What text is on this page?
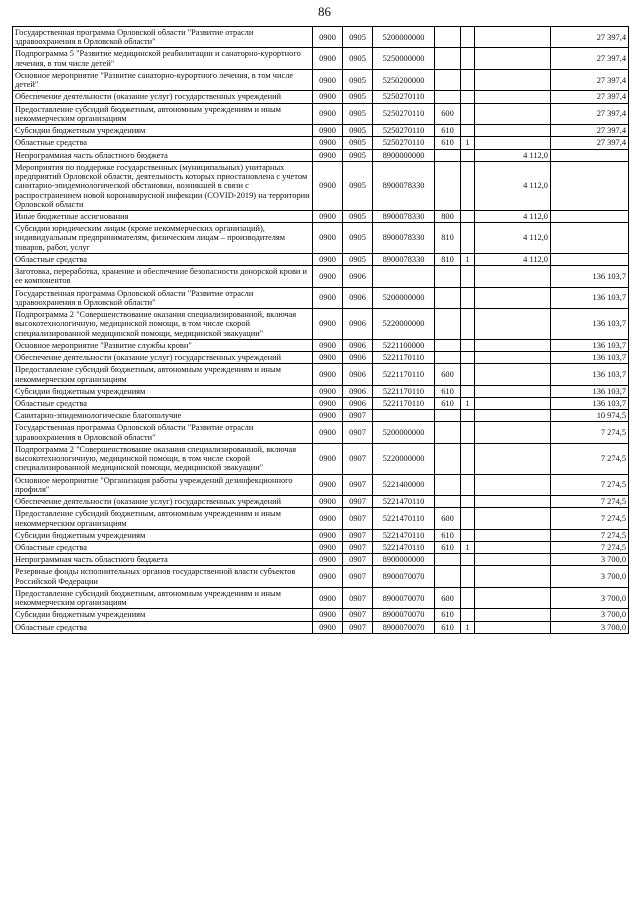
86
Государственная программа Орловской области "Развитие отрасли здравоохранения в Орловской области"	0900	0905	5200000000				27 397,4
Подпрограмма 5 "Развитие медицинской реабилитации и санаторно-курортного лечения, в том числе детей"	0900	0905	5250000000				27 397,4
Основное мероприятие "Развитие санаторно-курортного лечения, в том числе детей"	0900	0905	5250200000				27 397,4
Обеспечение деятельности (оказание услуг) государственных учреждений	0900	0905	5250270110				27 397,4
Предоставление субсидий бюджетным, автономным учреждениям и иным некоммерческим организациям	0900	0905	5250270110	600			27 397,4
Субсидии бюджетным учреждениям	0900	0905	5250270110	610			27 397,4
Областные средства	0900	0905	5250270110	610	1		27 397,4
Непрограммная часть областного бюджета	0900	0905	8900000000			4 112,0	
Мероприятия по поддержке государственных (муниципальных) унитарных предприятий Орловской области, деятельность которых приостановлена с учетом санитарно-эпидемиологической обстановки, возникшей в связи с распространением новой коронавирусной инфекции (COVID-2019) на территории Орловской области	0900	0905	8900078330			4 112,0	
Иные бюджетные ассигнования	0900	0905	8900078330	800		4 112,0	
Субсидии юридическим лицам (кроме некоммерческих организаций), индивидуальным предпринимателям, физическим лицам – производителям товаров, работ, услуг	0900	0905	8900078330	810		4 112,0	
Областные средства	0900	0905	8900078330	810	1	4 112,0	
Заготовка, переработка, хранение и обеспечение безопасности донорской крови и ее компонентов	0900	0906					136 103,7
Государственная программа Орловской области "Развитие отрасли здравоохранения в Орловской области"	0900	0906	5200000000				136 103,7
Подпрограмма 2 "Совершенствование оказания специализированной, включая высокотехнологичную, медицинской помощи, в том числе скорой специализированной медицинской помощи, медицинской эвакуации"	0900	0906	5220000000				136 103,7
Основное мероприятие "Развитие службы крови"	0900	0906	5221100000				136 103,7
Обеспечение деятельности (оказание услуг) государственных учреждений	0900	0906	5221170110				136 103,7
Предоставление субсидий бюджетным, автономным учреждениям и иным некоммерческим организациям	0900	0906	5221170110	600			136 103,7
Субсидии бюджетным учреждениям	0900	0906	5221170110	610			136 103,7
Областные средства	0900	0906	5221170110	610	1		136 103,7
Санитарно-эпидемиологическое благополучие	0900	0907					10 974,5
Государственная программа Орловской области "Развитие отрасли здравоохранения в Орловской области"	0900	0907	5200000000				7 274,5
Подпрограмма 2 "Совершенствование оказания специализированной, включая высокотехнологичную, медицинской помощи, в том числе скорой специализированной медицинской помощи, медицинской эвакуации"	0900	0907	5220000000				7 274,5
Основное мероприятие "Организация работы учреждений дезинфекционного профиля"	0900	0907	5221400000				7 274,5
Обеспечение деятельности (оказание услуг) государственных учреждений	0900	0907	5221470110				7 274,5
Предоставление субсидий бюджетным, автономным учреждениям и иным некоммерческим организациям	0900	0907	5221470110	600			7 274,5
Субсидии бюджетным учреждениям	0900	0907	5221470110	610			7 274,5
Областные средства	0900	0907	5221470110	610	1		7 274,5
Непрограммная часть областного бюджета	0900	0907	8900000000				3 700,0
Резервные фонды исполнительных органов государственной власти субъектов Российской Федерации	0900	0907	8900070070				3 700,0
Предоставление субсидий бюджетным, автономным учреждениям и иным некоммерческим организациям	0900	0907	8900070070	600			3 700,0
Субсидии бюджетным учреждениям	0900	0907	8900070070	610			3 700,0
Областные средства	0900	0907	8900070070	610	1		3 700,0
